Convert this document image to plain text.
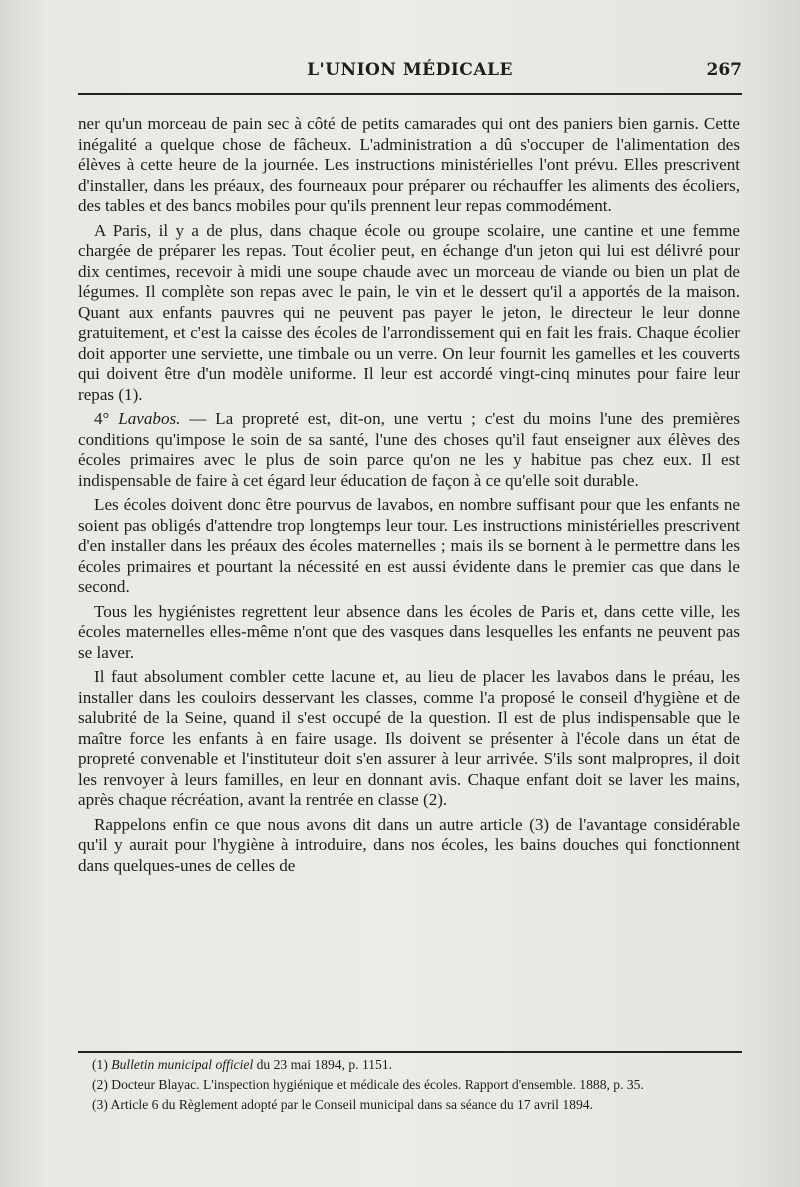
L'UNION MÉDICALE	267

ner qu'un morceau de pain sec à côté de petits camarades qui ont des paniers bien garnis. Cette inégalité a quelque chose de fâcheux. L'administration a dû s'occuper de l'alimentation des élèves à cette heure de la journée. Les instructions ministérielles l'ont prévu. Elles prescrivent d'installer, dans les préaux, des fourneaux pour préparer ou réchauffer les aliments des écoliers, des tables et des bancs mobiles pour qu'ils prennent leur repas commodément.

A Paris, il y a de plus, dans chaque école ou groupe scolaire, une cantine et une femme chargée de préparer les repas. Tout écolier peut, en échange d'un jeton qui lui est délivré pour dix centimes, recevoir à midi une soupe chaude avec un morceau de viande ou bien un plat de légumes. Il complète son repas avec le pain, le vin et le dessert qu'il a apportés de la maison. Quant aux enfants pauvres qui ne peuvent pas payer le jeton, le directeur le leur donne gratuitement, et c'est la caisse des écoles de l'arrondissement qui en fait les frais. Chaque écolier doit apporter une serviette, une timbale ou un verre. On leur fournit les gamelles et les couverts qui doivent être d'un modèle uniforme. Il leur est accordé vingt-cinq minutes pour faire leur repas (1).

4° Lavabos. — La propreté est, dit-on, une vertu ; c'est du moins l'une des premières conditions qu'impose le soin de sa santé, l'une des choses qu'il faut enseigner aux élèves des écoles primaires avec le plus de soin parce qu'on ne les y habitue pas chez eux. Il est indispensable de faire à cet égard leur éducation de façon à ce qu'elle soit durable.

Les écoles doivent donc être pourvus de lavabos, en nombre suffisant pour que les enfants ne soient pas obligés d'attendre trop longtemps leur tour. Les instructions ministérielles prescrivent d'en installer dans les préaux des écoles maternelles ; mais ils se bornent à le permettre dans les écoles primaires et pourtant la nécessité en est aussi évidente dans le premier cas que dans le second.

Tous les hygiénistes regrettent leur absence dans les écoles de Paris et, dans cette ville, les écoles maternelles elles-même n'ont que des vasques dans lesquelles les enfants ne peuvent pas se laver.

Il faut absolument combler cette lacune et, au lieu de placer les lavabos dans le préau, les installer dans les couloirs desservant les classes, comme l'a proposé le conseil d'hygiène et de salubrité de la Seine, quand il s'est occupé de la question. Il est de plus indispensable que le maître force les enfants à en faire usage. Ils doivent se présenter à l'école dans un état de propreté convenable et l'instituteur doit s'en assurer à leur arrivée. S'ils sont malpropres, il doit les renvoyer à leurs familles, en leur en donnant avis. Chaque enfant doit se laver les mains, après chaque récréation, avant la rentrée en classe (2).

Rappelons enfin ce que nous avons dit dans un autre article (3) de l'avantage considérable qu'il y aurait pour l'hygiène à introduire, dans nos écoles, les bains douches qui fonctionnent dans quelques-unes de celles de

(1) Bulletin municipal officiel du 23 mai 1894, p. 1151.

(2) Docteur Blayac. L'inspection hygiénique et médicale des écoles. Rapport d'ensemble. 1888, p. 35.

(3) Article 6 du Règlement adopté par le Conseil municipal dans sa séance du 17 avril 1894.
